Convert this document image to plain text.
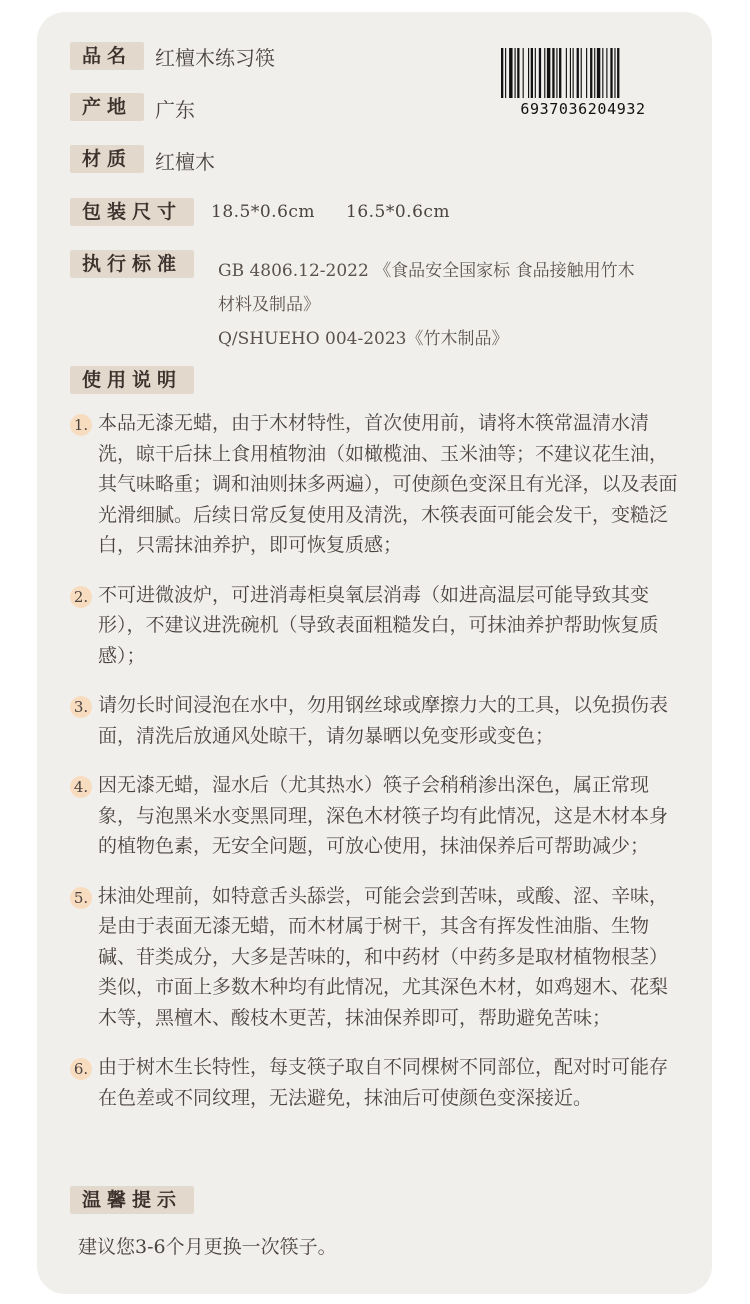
品名	红檀木练习筷
产地	广东
材质	红檀木
包装尺寸	18.5*0.6cm 16.5*0.6cm
执行标准	GB 4806.12-2022 《食品安全国家标 食品接触用竹木
材料及制品》
Q/SHUEHO 004-2023《竹木制品》
6937036204932
使用说明
1. 本品无漆无蜡，由于木材特性，首次使用前，请将木筷常温清水清洗，晾干后抹上食用植物油（如橄榄油、玉米油等；不建议花生油，其气味略重；调和油则抹多两遍），可使颜色变深且有光泽，以及表面光滑细腻。后续日常反复使用及清洗，木筷表面可能会发干，变糙泛白，只需抹油养护，即可恢复质感；
2. 不可进微波炉，可进消毒柜臭氧层消毒（如进高温层可能导致其变形），不建议进洗碗机（导致表面粗糙发白，可抹油养护帮助恢复质感）；
3. 请勿长时间浸泡在水中，勿用钢丝球或摩擦力大的工具，以免损伤表面，清洗后放通风处晾干，请勿暴晒以免变形或变色；
4. 因无漆无蜡，湿水后（尤其热水）筷子会稍稍渗出深色，属正常现象，与泡黑米水变黑同理，深色木材筷子均有此情况，这是木材本身的植物色素，无安全问题，可放心使用，抹油保养后可帮助减少；
5. 抹油处理前，如特意舌头舔尝，可能会尝到苦味，或酸、涩、辛味，是由于表面无漆无蜡，而木材属于树干，其含有挥发性油脂、生物碱、苷类成分，大多是苦味的，和中药材（中药多是取材植物根茎）类似，市面上多数木种均有此情况，尤其深色木材，如鸡翅木、花梨木等，黑檀木、酸枝木更苦，抹油保养即可，帮助避免苦味；
6. 由于树木生长特性，每支筷子取自不同棵树不同部位，配对时可能存在色差或不同纹理，无法避免，抹油后可使颜色变深接近。
温馨提示
建议您3-6个月更换一次筷子。
